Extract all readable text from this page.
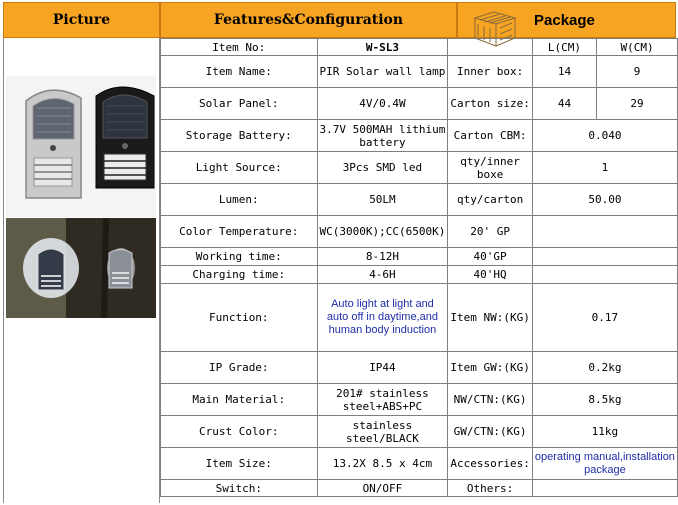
Picture	Features&Configuration	Package
Item No:	W-SL3		L(CM)	W(CM)
Item Name:	PIR Solar wall lamp	Inner box:	14	9
Solar Panel:	4V/0.4W	Carton size:	44	29
Storage Battery:	3.7V 500MAH lithium battery	Carton CBM:	0.040	
Light Source:	3Pcs SMD led	qty/inner boxe	1	
Lumen:	50LM	qty/carton	50.00	
Color Temperature:	WC(3000K);CC(6500K)	20' GP		
Working time:	8-12H	40'GP		
Charging time:	4-6H	40'HQ		
Function:	Auto light at light and auto off in daytime,and human body induction	Item NW:(KG)	0.17	
IP Grade:	IP44	Item GW:(KG)	0.2kg	
Main Material:	201# stainless steel+ABS+PC	NW/CTN:(KG)	8.5kg	
Crust Color:	stainless steel/BLACK	GW/CTN:(KG)	11kg	
Item Size:	13.2X 8.5 x 4cm	Accessories:	operating manual,installation package	
Switch:	ON/OFF	Others:		
